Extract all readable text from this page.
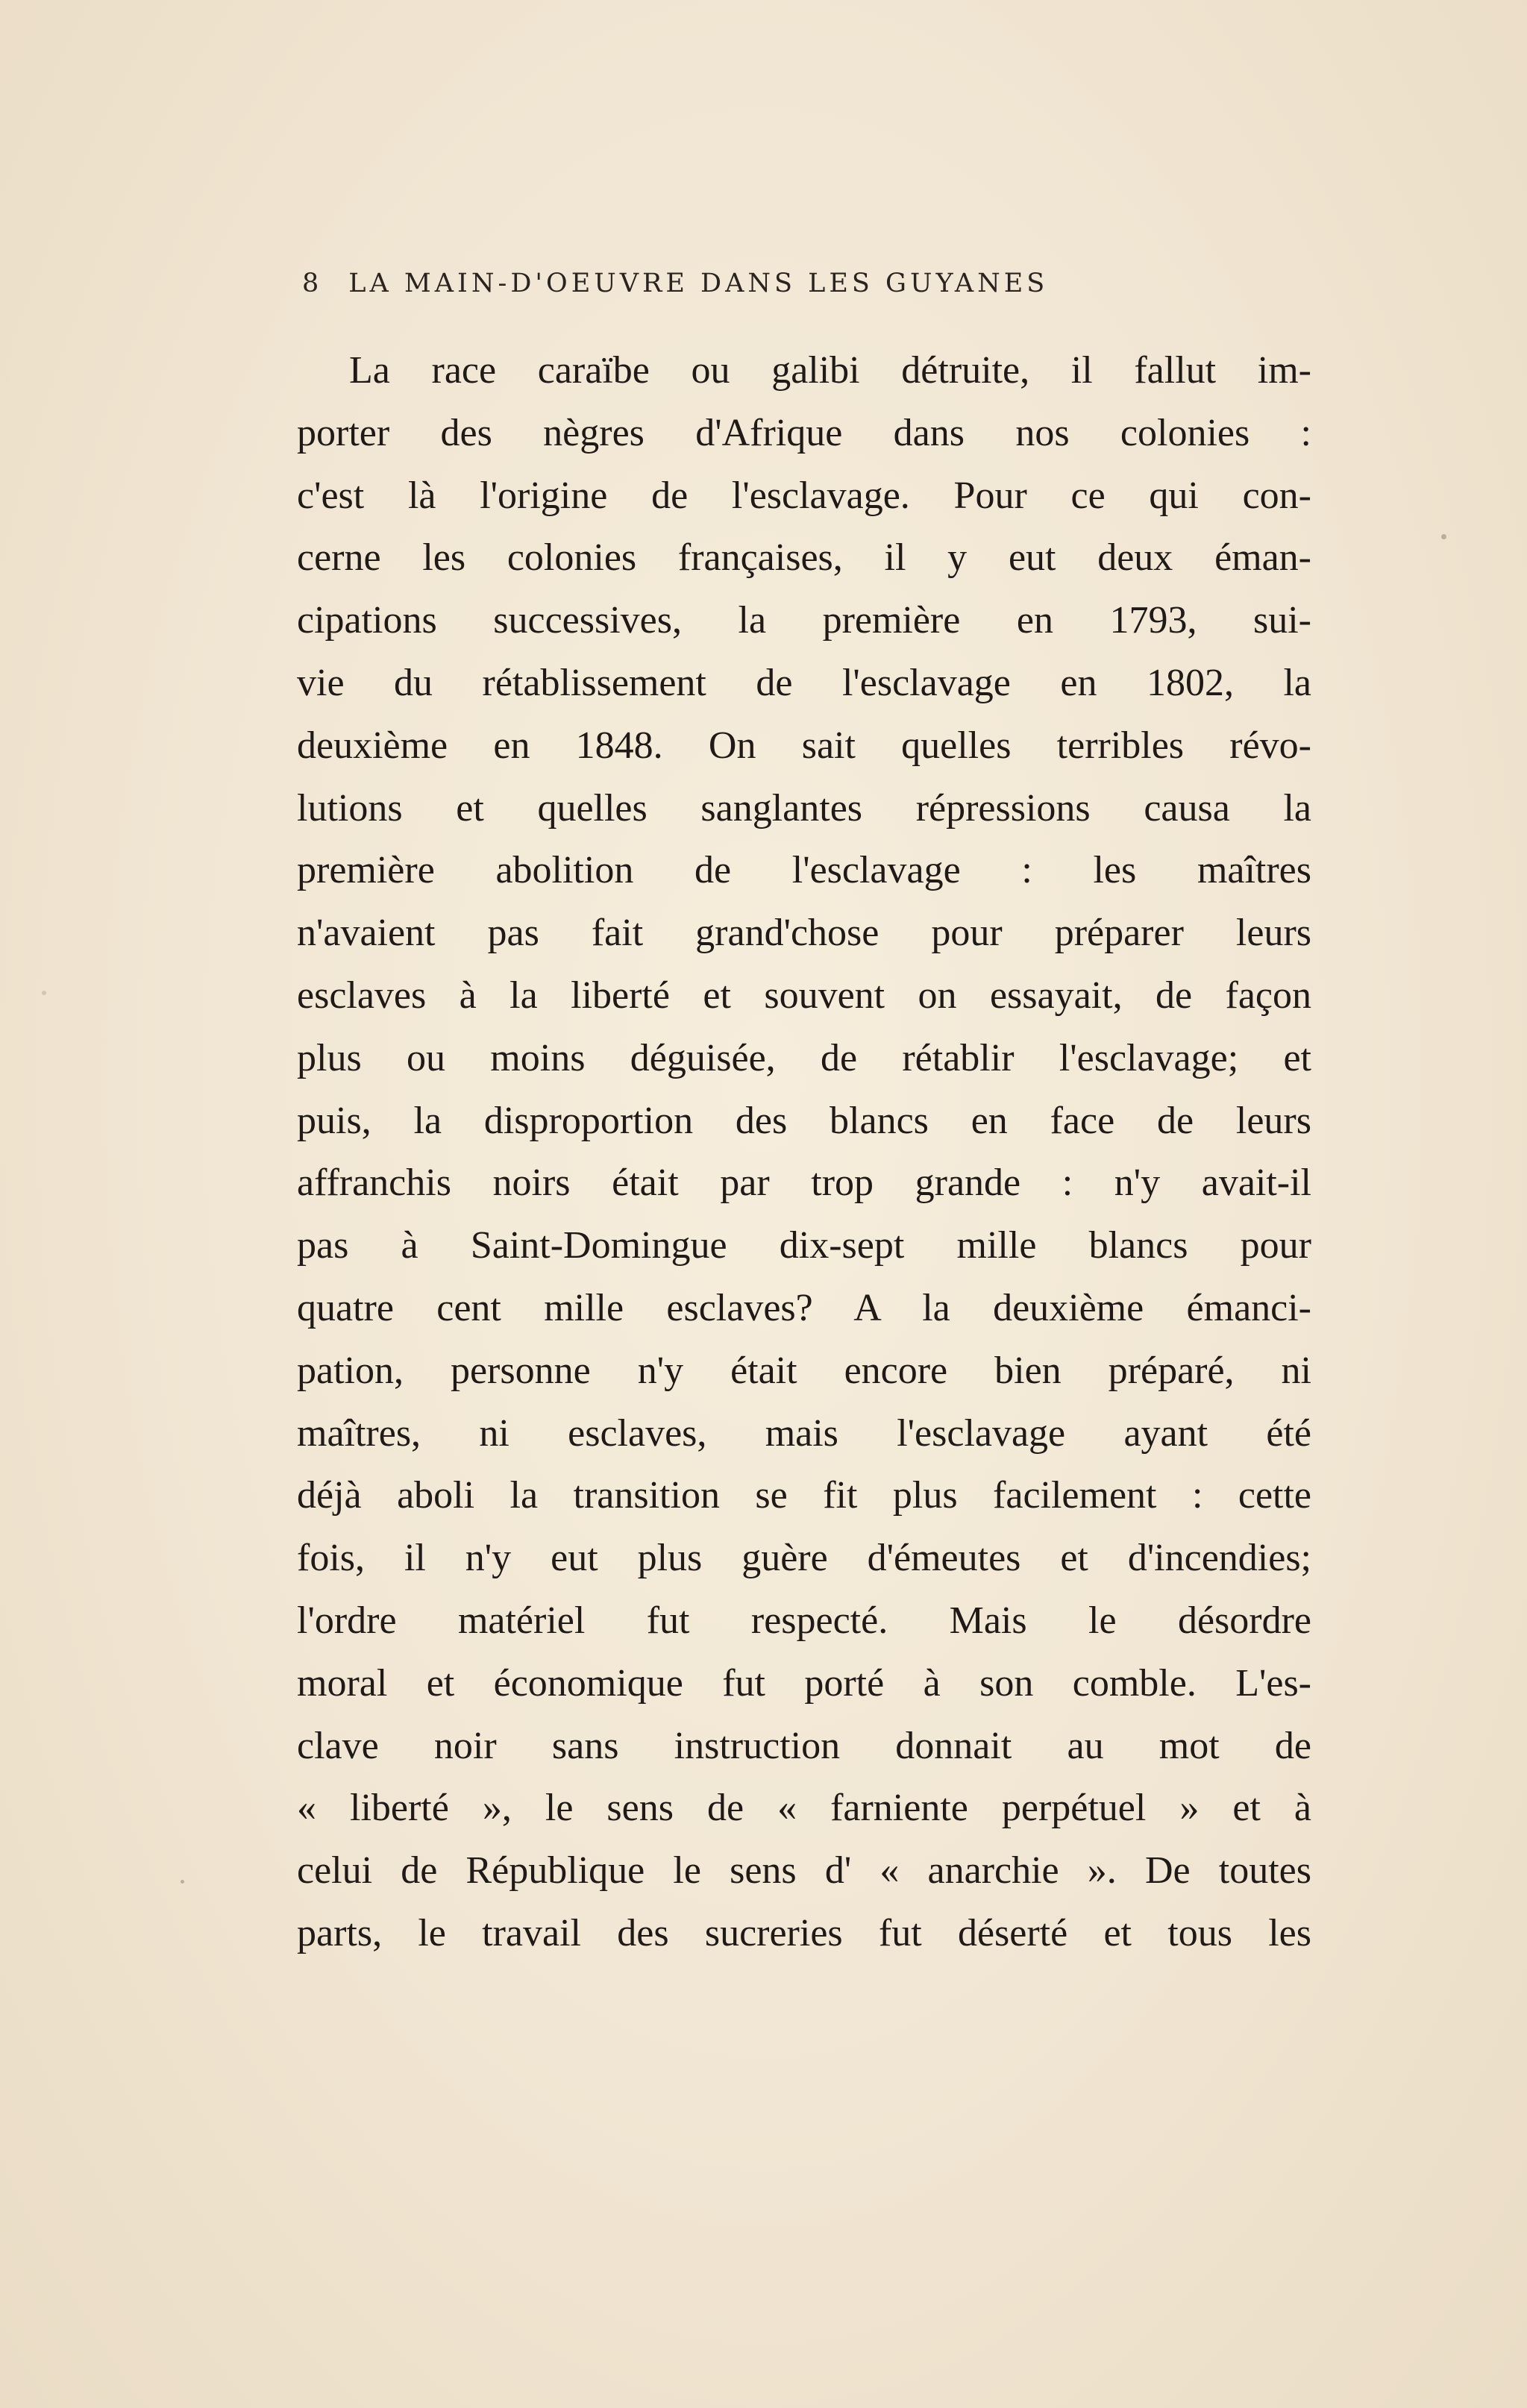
8 LA MAIN-D'OEUVRE DANS LES GUYANES
La race caraïbe ou galibi détruite, il fallut im-
porter des nègres d'Afrique dans nos colonies :
c'est là l'origine de l'esclavage. Pour ce qui con-
cerne les colonies françaises, il y eut deux éman-
cipations successives, la première en 1793, sui-
vie du rétablissement de l'esclavage en 1802, la
deuxième en 1848. On sait quelles terribles révo-
lutions et quelles sanglantes répressions causa la
première abolition de l'esclavage : les maîtres
n'avaient pas fait grand'chose pour préparer leurs
esclaves à la liberté et souvent on essayait, de façon
plus ou moins déguisée, de rétablir l'esclavage; et
puis, la disproportion des blancs en face de leurs
affranchis noirs était par trop grande : n'y avait-il
pas à Saint-Domingue dix-sept mille blancs pour
quatre cent mille esclaves? A la deuxième émanci-
pation, personne n'y était encore bien préparé, ni
maîtres, ni esclaves, mais l'esclavage ayant été
déjà aboli la transition se fit plus facilement : cette
fois, il n'y eut plus guère d'émeutes et d'incendies;
l'ordre matériel fut respecté. Mais le désordre
moral et économique fut porté à son comble. L'es-
clave noir sans instruction donnait au mot de
« liberté », le sens de « farniente perpétuel » et à
celui de République le sens d' « anarchie ». De toutes
parts, le travail des sucreries fut déserté et tous les
